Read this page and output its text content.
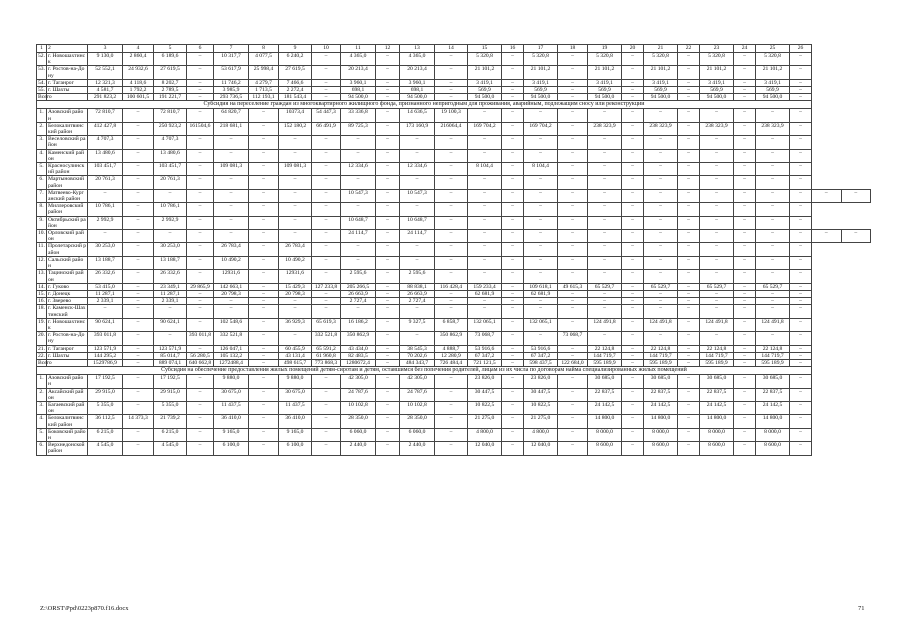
1	2	3	4	5	6	7	8	9	10	11	12	13	14	15	16	17	18	19	20	21	22	23	24	25	26		
52.	г. Новошахтинск	9 130,0	2 860,4	6 189,6	–	10 317,7	4 077,5	6 240,2	–	4 365,0	–	4 365,0	–	5 320,8	–	5 320,8	–	5 320,8	–	5 320,8	–	5 320,8	–	5 320,8	–		
53.	г. Ростов-на-Дону	52 552,1	24 932,6	27 619,5	–	53 617,9	25 998,4	27 619,5	–	20 213,4	–	20 213,4	–	21 101,2	–	21 101,2	–	21 101,2	–	21 101,2	–	21 101,2	–	21 101,2	–		
54.	г. Таганрог	12 321,3	4 118,6	8 202,7	–	11 746,2	4 279,7	7 466,6	–	3 960,1	–	3 960,1	–	3 419,1	–	3 419,1	–	3 419,1	–	3 419,1	–	3 419,1	–	3 419,1	–		
55.	г. Шахты	4 581,7	1 792,2	2 789,5	–	3 985,9	1 713,5	2 272,4	–	698,1	–	698,1	–	569,9	–	569,9	–	569,9	–	569,9	–	569,9	–	569,9	–		
Всего		291 823,2	100 601,5	191 221,7	–	293 736,5	112 193,1	181 543,4	–	94 500,0	–	94 500,0	–	94 500,0	–	94 500,0	–	94 500,0	–	94 500,0	–	94 500,0	–	94 500,0	–		
Субсидия на переселение граждан из многоквартирного жилищного фонда, признанного непригодным для проживания, аварийным, подлежащим сносу или реконструкции																											
1.	Азовский район	72 810,7	–	72 810,7	–	64 820,7	–	10373,4	54 447,3	33 336,8	–	14 636,5	19 100,3	–	–	–	–	–	–	–	–	–	–	–	–		
2.	Белокалитвинский район	412 427,8	–	250 923,2	161504,6	218 681,1	–	152 180,2	66 491,9	89 725,3	–	173 160,9	216064,4	169 704,2	–	169 704,2	–	238 323,9	–	238 323,9	–	238 323,9	–	238 323,9	–		
3.	Веселовский район	4 707,3	–	4 707,3	–	–	–	–	–	–	–	–	–	–	–	–	–	–	–	–	–	–	–	–	–		
4.	Каменский район	13 480,6	–	13 480,6	–	–	–	–	–	–	–	–	–	–	–	–	–	–	–	–	–	–	–	–	–		
5.	Красносулинский район	103 451,7	–	103 451,7	–	109 081,3	–	109 081,3	–	12 334,6	–	12 334,6	–	8 104,4	–	8 104,4	–	–	–	–	–	–	–	–	–		
6.	Мартыновский район	20 761,3	–	20 761,3	–	–	–	–	–	–	–	–	–	–	–	–	–	–	–	–	–	–	–	–	–		
7.	Матвеево-Курганский район	–	–	–	–	–	–	–	–	10 547,3	–	10 547,3	–	–	–	–	–	–	–	–	–	–	–	–	–	–	–
8.	Миллеровский район	10 786,1	–	10 786,1	–	–	–	–	–	–	–	–	–	–	–	–	–	–	–	–	–	–	–	–	–		
9.	Октябрьский район	2 992,9	–	2 992,9	–	–	–	–	–	10 648,7	–	10 648,7	–	–	–	–	–	–	–	–	–	–	–	–	–		
10.	Орловский район	–	–	–	–	–	–	–	–	24 114,7	–	24 114,7	–	–	–	–	–	–	–	–	–	–	–	–	–	–	–
11.	Пролетарский район	30 253,0	–	30 253,0	–	26 783,4	–	26 783,4	–	–	–	–	–	–	–	–	–	–	–	–	–	–	–	–	–		
12.	Сальский район	13 188,7	–	13 188,7	–	10 490,2	–	10 490,2	–	–	–	–	–	–	–	–	–	–	–	–	–	–	–	–	–		
13.	Тацинский район	26 332,6	–	26 332,6	–	12931,6	–	12931,6	–	2 595,6	–	2 595,6	–	–	–	–	–	–	–	–	–	–	–	–	–		
14.	г. Гуково	53 415,0	–	23 349,1	29 865,9	142 663,1	–	15 429,3	127 233,8	205 266,5	–	88 838,1	116 428,4	159 233,4	–	109 618,1	49 615,3	65 529,7	–	65 529,7	–	65 529,7	–	65 529,7	–		
15.	г. Донецк	11 287,1	–	11 287,1	–	20 798,3	–	20 798,3	–	26 663,9	–	26 663,9	–	62 681,9	–	62 681,9	–	–	–	–	–	–	–	–	–		
16.	г. Зверево	2 339,1	–	2 339,1	–	–	–	–	–	2 727,4	–	2 727,4	–	–	–	–	–	–	–	–	–	–	–	–	–		
18.	г. Каменск-Шахтинский	–	–	–	–	–	–	–	–	–	–	–	–	–	–	–	–	–	–	–	–	–	–	–	–		
19.	г. Новошахтинск	90 624,1	–	90 624,1	–	102 548,6	–	36 929,3	65 619,3	16 186,2	–	9 327,5	6 858,7	132 065,1	–	132 065,1	–	124 491,8	–	124 491,8	–	124 491,8	–	124 491,8	–		
20.	г. Ростов-на-Дону	393 011,8	–	–	393 011,8	332 521,8	–	–	332 521,8	350 862,9	–	–	350 862,9	73 068,7	–	–	73 068,7	–	–	–	–	–	–	–	–		
21.	г. Таганрог	123 571,9	–	123 571,9	–	126 047,1	–	60 455,9	65 591,2	43 434,0	–	38 545,3	4 888,7	53 916,6	–	53 916,6	–	22 124,8	–	22 124,8	–	22 124,8	–	22 124,8	–		
22.	г. Шахты	144 295,2	–	85 014,7	56 280,5	105 132,2	–	43 131,4	61 960,8	82 483,5	–	70 202,6	12 280,9	67 347,2	–	67 347,2	–	144 719,7	–	144 719,7	–	144 719,7	–	144 719,7	–		
Всего		1529786,9	–	889 074,1	640 662,8	1272488,4	–	498 615,7	773 868,3	1280672,4	–	484 343,7	726 484,4	721 121,5	–	598 437,5	122 684,0	595 189,9	–	595 189,9	–	595 189,9	–	595 189,9	–		
Субсидия на обеспечение предоставления жилых помещений детям-сиротам и детям, оставшимся без попечения родителей, лицам из их числа по договорам найма специализированных жилых помещений																											
1.	Азовский район	17 192,5	–	17 192,5	–	9 880,0	–	9 880,0	–	42 305,0	–	42 305,0	–	23 826,0	–	23 826,0	–	30 685,0	–	30 685,0	–	30 685,0	–	30 685,0	–		
2.	Аксайский район	29 915,0	–	29 915,0	–	30 675,0	–	30 675,0	–	24 787,6	–	24 787,6	–	30 447,5	–	30 447,5	–	22 837,5	–	22 837,5	–	22 837,5	–	22 837,5	–		
3.	Багаевский район	5 355,0	–	5 355,0	–	11 437,5	–	11 437,5	–	10 102,8	–	10 102,8	–	10 822,5	–	10 822,5	–	24 142,5	–	24 142,5	–	24 142,5	–	24 142,5	–		
4.	Белокалитвинский район	36 112,5	14 373,3	21 739,2	–	36 410,0	–	36 410,0	–	28 350,0	–	28 350,0	–	21 275,0	–	21 275,0	–	14 800,0	–	14 800,0	–	14 800,0	–	14 800,0	–		
5.	Боковский район	6 215,0	–	6 215,0	–	9 165,0	–	9 165,0	–	6 060,0	–	6 060,0	–	4 800,0	–	4 800,0	–	8 000,0	–	8 000,0	–	8 000,0	–	8 000,0	–		
6.	Верхнедонской район	4 545,0	–	4 545,0	–	6 100,0	–	6 100,0	–	2 440,0	–	2 440,0	–	12 040,0	–	12 040,0	–	8 600,0	–	8 600,0	–	8 600,0	–	8 600,0	–		
Z:\ORST\Ppd\0223p870.f16.docx	71
